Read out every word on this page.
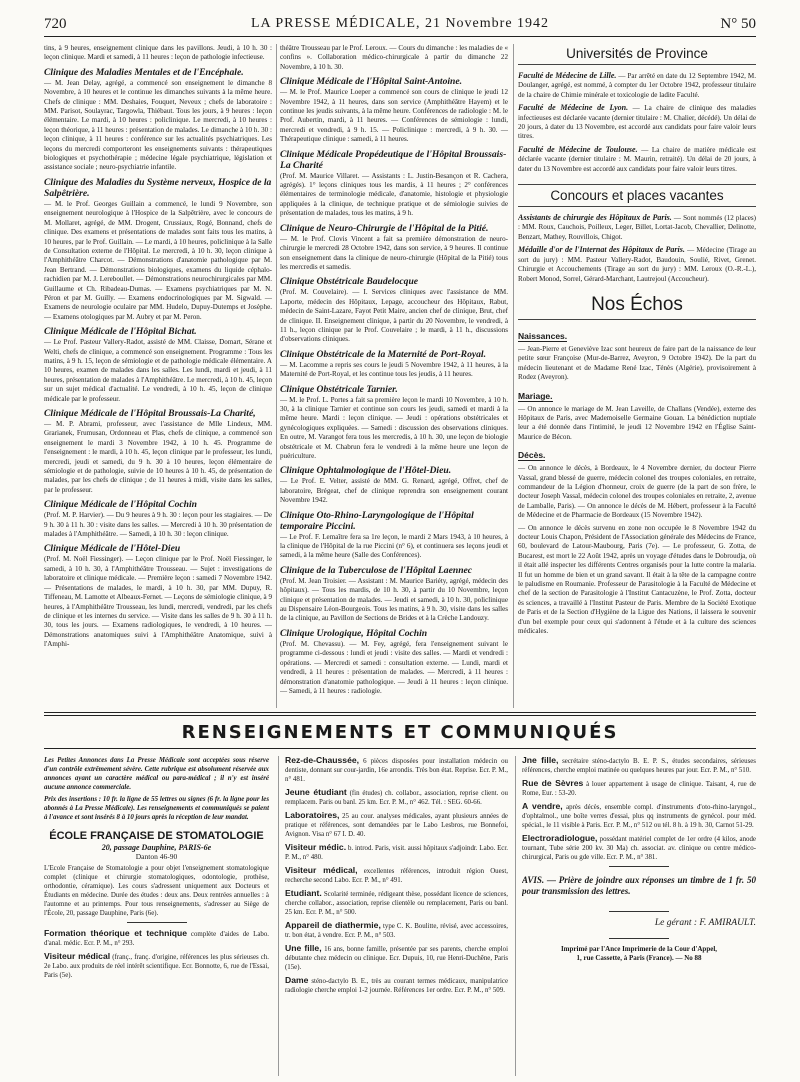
720	LA PRESSE MÉDICALE, 21 Novembre 1942	N° 50

tins, à 9 heures, enseignement clinique dans les pavillons. Jeudi, à 10 h. 30 : leçon clinique. Mardi et samedi, à 11 heures : leçon de pathologie infectieuse.

Clinique des Maladies Mentales et de l'Encéphale.

— M. Jean Delay, agrégé, a commencé son enseignement le dimanche 8 Novembre, à 10 heures et le continue les dimanches suivants à la même heure. Chefs de clinique : MM. Deshaies, Fouquet, Neveux ; chefs de laboratoire : MM. Parisot, Soulayrac, Targowla, Thiébaut. Tous les jours, à 9 heures : leçon élémentaire. Le mardi, à 10 heures : policlinique. Le mercredi, à 10 heures : leçon théorique, à 11 heures : présentation de malades. Le dimanche à 10 h. 30 : leçon clinique, à 11 heures : conférence sur les actualités psychiatriques. Les leçons du mercredi comporteront les enseignements suivants : thérapeutiques biologiques et psychothérapie ; médecine légale psychiatrique, législation et assistance sociale ; neuro-psychiatrie infantile.

Clinique des Maladies du Système nerveux, Hospice de la Salpêtrière.

— M. le Prof. Georges Guillain a commencé, le lundi 9 Novembre, son enseignement neurologique à l'Hospice de la Salpêtrière, avec le concours de M. Mollaret, agrégé, de MM. Drogent, Crussiaux, Rogé, Bonnand, chefs de clinique. Des examens et présentations de malades sont faits tous les matins, à 10 heures, par le Prof. Guillain. — Le mardi, à 10 heures, policlinique à la Salle de Consultation externe de l'Hôpital. Le mercredi, à 10 h. 30, leçon clinique à l'Amphithéâtre Charcot. — Démonstrations d'anatomie pathologique par M. Jean Bertrand. — Démonstrations biologiques, examens du liquide céphalo-rachidien par M. J. Lereboullet. — Démonstrations neurochirurgicales par MM. Guillaume et Ch. Ribadeau-Dumas. — Examens psychiatriques par M. N. Péron et par M. Guilly. — Examens endocrinologiques par M. Sigwald. — Examens de neurologie oculaire par MM. Hudelo, Dupuy-Dutemps et Josèphe. — Examens otologiques par M. Aubry et par M. Peron.

Clinique Médicale de l'Hôpital Bichat.

— Le Prof. Pasteur Vallery-Radot, assisté de MM. Claisse, Domart, Sérane et Welti, chefs de clinique, a commencé son enseignement. Programme : Tous les matins, à 9 h. 15, leçon de sémiologie et de pathologie médicale élémentaire. A 10 heures, examen de malades dans les salles. Les lundi, mardi et jeudi, à 11 heures, présentation de malades à l'Amphithéâtre. Le mercredi, à 10 h. 45, leçon sur un sujet médical d'actualité. Le vendredi, à 10 h. 45, leçon de clinique médicale par le professeur.

Clinique Médicale de l'Hôpital Broussais-La Charité,

— M. P. Abrami, professeur, avec l'assistance de Mlle Lindeux, MM. Grarianek, Frumusan, Ordonneau et Plas, chefs de clinique, a commencé son enseignement le mardi 3 Novembre 1942, à 10 h. 45. Programme de l'enseignement : le mardi, à 10 h. 45, leçon clinique par le professeur, les lundi, mercredi, jeudi et samedi, du 9 h. 30 à 10 heures, leçon élémentaire de sémiologie et de pathologie, suivie de 10 heures à 10 h. 45, de présentation de malades, par les chefs de clinique ; de 11 heures à midi, visite dans les salles, par le professeur.

Clinique Médicale de l'Hôpital Cochin

(Prof. M. P. Harvier). — Du 9 heures à 9 h. 30 : leçon pour les stagiaires. — De 9 h. 30 à 11 h. 30 : visite dans les salles. — Mercredi à 10 h. 30 présentation de malades à l'Amphithéâtre. — Samedi, à 10 h. 30 : leçon clinique.

Clinique Médicale de l'Hôtel-Dieu

(Prof. M. Noël Fiessinger). — Leçon clinique par le Prof. Noël Fiessinger, le samedi, à 10 h. 30, à l'Amphithéâtre Trousseau. — Sujet : investigations de laboratoire et clinique médicale. — Première leçon : samedi 7 Novembre 1942. — Présentations de malades, le mardi, à 10 h. 30, par MM. Dupuy, R. Tiffeneau, M. Lamotte et Albeaux-Fernet. — Leçons de sémiologie clinique, à 9 heures, à l'Amphithéâtre Trousseau, les lundi, mercredi, vendredi, par les chefs de clinique et les internes du service. — Visite dans les salles de 9 h. 30 à 11 h. 30, tous les jours. — Examens radiologiques, le vendredi, à 10 heures. — Démonstrations anatomiques suivi à l'Amphithéâtre Anatomique, suivi à l'Amphi-

théâtre Trousseau par le Prof. Leroux. — Cours du dimanche : les maladies de « confins ». Collaboration médico-chirurgicale à partir du dimanche 22 Novembre, à 10 h. 30.

Clinique Médicale de l'Hôpital Saint-Antoine.

— M. le Prof. Maurice Loeper a commencé son cours de clinique le jeudi 12 Novembre 1942, à 11 heures, dans son service (Amphithéâtre Hayem) et le continue les jeudis suivants, à la même heure. Conférences de radiologie : M. le Prof. Aubertin, mardi, à 11 heures. — Conférences de sémiologie : lundi, mercredi et vendredi, à 9 h. 15. — Policlinique : mercredi, à 9 h. 30. — Thérapeutique clinique : samedi, à 11 heures.

Clinique Médicale Propédeutique de l'Hôpital Broussais-La Charité

(Prof. M. Maurice Villaret. — Assistants : L. Justin-Besançon et R. Cachera, agrégés). 1° leçons cliniques tous les mardis, à 11 heures ; 2° conférences élémentaires de terminologie médicale, d'anatomie, histologie et physiologie appliquées à la clinique, de technique pratique et de sémiologie suivies de présentation de malades, tous les matins, à 9 h.

Clinique de Neuro-Chirurgie de l'Hôpital de la Pitié.

— M. le Prof. Clovis Vincent a fait sa première démonstration de neuro-chirurgie le mercredi 28 Octobre 1942, dans son service, à 9 heures. Il continue son enseignement dans la clinique de neuro-chirurgie (Hôpital de la Pitié) tous les mercredis et samedis.

Clinique Obstétricale Baudelocque

(Prof. M. Couvelaire). — I. Services cliniques avec l'assistance de MM. Laporte, médecin des Hôpitaux, Lepage, accoucheur des Hôpitaux, Rabut, médecin de Saint-Lazare, Fayot Petit Maire, ancien chef de clinique, Brut, chef de clinique. II. Enseignement clinique, à partir du 20 Novembre, le vendredi, à 11 h., leçon clinique par le Prof. Couvelaire ; le mardi, à 11 h., discussions d'observations cliniques.

Clinique Obstétricale de la Maternité de Port-Royal.

— M. Lacomme a repris ses cours le jeudi 5 Novembre 1942, à 11 heures, à la Maternité de Port-Royal, et les continue tous les jeudis, à 11 heures.

Clinique Obstétricale Tarnier.

— M. le Prof. L. Portes a fait sa première leçon le mardi 10 Novembre, à 10 h. 30, à la clinique Tarnier et continue son cours les jeudi, samedi et mardi à la même heure. Mardi : leçon clinique. — Jeudi : opérations obstétricales et gynécologiques expliquées. — Samedi : discussion des observations cliniques. En outre, M. Varangot fera tous les mercredis, à 10 h. 30, une leçon de biologie obstétricale et M. Chabrun fera le vendredi à la même heure une leçon de puériculture.

Clinique Ophtalmologique de l'Hôtel-Dieu.

— Le Prof. E. Velter, assisté de MM. G. Renard, agrégé, Offret, chef de laboratoire, Brégeat, chef de clinique reprendra son enseignement courant Novembre 1942.

Clinique Oto-Rhino-Laryngologique de l'Hôpital temporaire Piccini.

— Le Prof. F. Lemaître fera sa 1re leçon, le mardi 2 Mars 1943, à 10 heures, à la clinique de l'Hôpital de la rue Piccini (n° 6), et continuera ses leçons jeudi et samedi, à la même heure (Salle des Conférences).

Clinique de la Tuberculose de l'Hôpital Laennec

(Prof. M. Jean Troisier. — Assistant : M. Maurice Bariéty, agrégé, médecin des hôpitaux). — Tous les mardis, de 10 h. 30, à partir du 10 Novembre, leçon clinique et présentation de malades. — Jeudi et samedi, à 10 h. 30, policlinique au Dispensaire Léon-Bourgeois. Tous les matins, à 9 h. 30, visite dans les salles de la clinique, au Pavillon de Sections de Brides et à la Crèche Landouzy.

Clinique Urologique, Hôpital Cochin

(Prof. M. Chevassu). — M. Fey, agrégé, fera l'enseignement suivant le programme ci-dessous : lundi et jeudi : visite des salles. — Mardi et vendredi : opérations. — Mercredi et samedi : consultation externe. — Lundi, mardi et vendredi, à 11 heures : présentation de malades. — Mercredi, à 11 heures : démonstration d'anatomie pathologique. — Jeudi à 11 heures : leçon clinique. — Samedi, à 11 heures : radiologie.

Universités de Province

Faculté de Médecine de Lille. — Par arrêté en date du 12 Septembre 1942, M. Doulanger, agrégé, est nommé, à compter du 1er Octobre 1942, professeur titulaire de la chaire de Chimie minérale et toxicologie de ladite Faculté.

Faculté de Médecine de Lyon. — La chaire de clinique des maladies infectieuses est déclarée vacante (dernier titulaire : M. Chalier, décédé). Un délai de 20 jours, à dater du 13 Novembre, est accordé aux candidats pour faire valoir leurs titres.

Faculté de Médecine de Toulouse. — La chaire de matière médicale est déclarée vacante (dernier titulaire : M. Maurin, retraité). Un délai de 20 jours, à dater du 13 Novembre est accordé aux candidats pour faire valoir leurs titres.

Concours et places vacantes

Assistants de chirurgie des Hôpitaux de Paris. — Sont nommés (12 places) : MM. Roux, Cauchois, Poilleux, Leger, Billet, Lortat-Jacob, Chevallier, Delinotte, Benzart, Mathey, Rouvillois, Chigot.

Médaille d'or de l'Internat des Hôpitaux de Paris. — Médecine (Tirage au sort du jury) : MM. Pasteur Vallery-Radot, Baudouin, Soulié, Rivet, Grenet. Chirurgie et Accouchements (Tirage au sort du jury) : MM. Leroux (O.-R.-L.), Robert Monod, Sorrel, Gérard-Marchant, Lautrejoul (Accoucheur).

Nos Échos
Naissances.

— Jean-Pierre et Geneviève Izac sont heureux de faire part de la naissance de leur petite sœur Françoise (Mur-de-Barrez, Aveyron, 9 Octobre 1942). De la part du médecin lieutenant et de Madame René Izac, Ténès (Algérie), provisoirement à Rodez (Aveyron).

Mariage.

— On annonce le mariage de M. Jean Laveille, de Challans (Vendée), externe des Hôpitaux de Paris, avec Mademoiselle Germaine Gouan. La bénédiction nuptiale leur a été donnée dans l'intimité, le jeudi 12 Novembre 1942 en l'Église Saint-Maurice de Bécon.

Décès.

— On annonce le décès, à Bordeaux, le 4 Novembre dernier, du docteur Pierre Vassal, grand blessé de guerre, médecin colonel des troupes coloniales, en retraite, commandeur de la Légion d'honneur, croix de guerre (de la part de son frère, le docteur Joseph Vassal, médecin colonel des troupes coloniales en retraite, 2, avenue de Lamballe, Paris). — On annonce le décès de M. Hébert, professeur à la Faculté de Médecine et de Pharmacie de Bordeaux (15 Novembre 1942).

— On annonce le décès survenu en zone non occupée le 8 Novembre 1942 du docteur Louis Chapon, Président de l'Association générale des Médecins de France, 60, boulevard de Latour-Maubourg, Paris (7e). — Le professeur, G. Zotta, de Bucarest, est mort le 22 Août 1942, après un voyage d'études dans le Dobroudja, où il était allé inspecter les différents Centres organisés pour la lutte contre la malaria. Il fut un homme de bien et un grand savant. Il était à la tête de la campagne contre le paludisme en Roumanie. Professeur de Parasitologie à la Faculté de Médecine et chef de la section de Parasitologie à l'Institut Cantacuzène, le Prof. Zotta, docteur ès sciences, a travaillé à l'Institut Pasteur de Paris. Membre de la Société Exotique de Paris et de la Section d'Hygiène de la Ligue des Nations, il laissera le souvenir d'un bel exemple pour ceux qui s'adonnent à l'étude et à la culture des sciences médicales.

RENSEIGNEMENTS ET COMMUNIQUÉS

Les Petites Annonces dans La Presse Médicale sont acceptées sous réserve d'un contrôle extrêmement sévère. Cette rubrique est absolument réservée aux annonces ayant un caractère médical ou para-médical ; il n'y est inséré aucune annonce commerciale.

Prix des insertions : 10 fr. la ligne de 55 lettres ou signes (6 fr. la ligne pour les abonnés à La Presse Médicale). Les renseignements et communiqués se paient à l'avance et sont insérés 8 à 10 jours après la réception de leur mandat.

ÉCOLE FRANÇAISE DE STOMATOLOGIE
20, passage Dauphine, PARIS-6e
Danton 46-90

L'Ecole Française de Stomatologie a pour objet l'enseignement stomatologique complet (clinique et chirurgie stomatologiques, odontologie, prothèse, orthodontie, céramique). Les cours s'adressent uniquement aux Docteurs et Étudiants en médecine. Durée des études : deux ans. Deux rentrées annuelles : à l'automne et au printemps. Pour tous renseignements, s'adresser au Siège de l'École, 20, passage Dauphine, Paris (6e).

Formation théorique et technique complète d'aides de Labo. d'anal. médic. Ecr. P. M., n° 293.

Visiteur médical (franç., franç. d'origine, références les plus sérieuses ch. 2e Labo. aux produits de réel intérêt scientifique. Ecr. Bonnotte, 6, rue de l'Essai, Paris (5e).

Rez-de-Chaussée, 6 pièces disposées pour installation médecin ou dentiste, donnant sur cour-jardin, 16e arrondis. Très bon état. Reprise. Ecr. P. M., n° 481.

Jeune étudiant (fin études) ch. collabor., association, reprise client. ou remplacem. Paris ou banl. 25 km. Ecr. P. M., n° 462. Tél. : SEG. 60-66.

Laboratoires, 25 au cour. analyses médicales, ayant plusieurs années de pratique et références, sont demandées par le Labo Lesbros, rue Bonnefoi, Avignon. Visa n° 67 I. D. 40.

Visiteur médic. b. introd. Paris, visit. aussi hôpitaux s'adjoindr. Labo. Ecr. P. M., n° 480.

Visiteur médical, excellentes références, introduit région Ouest, recherche second Labo. Ecr. P. M., n° 491.

Etudiant. Scolarité terminée, rédigeant thèse, possédant licence de sciences, cherche collabor., association, reprise clientèle ou remplacement, Paris ou banl. 25 km. Ecr. P. M., n° 500.

Appareil de diathermie, type C. K. Boulitte, révisé, avec accessoires, tr. bon état, à vendre. Ecr. P. M., n° 503.

Une fille, 16 ans, bonne famille, présentée par ses parents, cherche emploi débutante chez médecin ou clinique. Ecr. Dupuis, 10, rue Henri-Duchêne, Paris (15e).

Dame sténo-dactylo B. E., très au courant termes médicaux, manipulatrice radiologie cherche emploi 1-2 journée. Références 1er ordre. Ecr. P. M., n° 509.

Jne fille, secrétaire sténo-dactylo B. E. P. S., études secondaires, sérieuses références, cherche emploi matinée ou quelques heures par jour. Ecr. P. M., n° 510.

Rue de Sèvres à louer appartement à usage de clinique. Taisant, 4, rue de Rome, Eur. : 53-20.

A vendre, après décès, ensemble compl. d'instruments d'oto-rhino-laryngol., d'ophtalmol., une boîte verres d'essai, plus qq instruments de gynécol. pour méd. spécial., le 11 visible à Paris. Ecr. P. M., n° 512 ou tél. 8 h. à 19 h. 30, Carnot 51-29.

Electroradiologue, possédant matériel complet de 1er ordre (4 kilos, anode tournant, Tube série 200 kv. 30 Ma) ch. associat. av. clinique ou centre médico-chirurgical, Paris ou gde ville. Ecr. P. M., n° 381.

AVIS. — Prière de joindre aux réponses un timbre de 1 fr. 50 pour transmission des lettres.

Le gérant : F. AMIRAULT.
Imprimé par l'Ance Imprimerie de la Cour d'Appel,
1, rue Cassette, à Paris (France). — No 88
